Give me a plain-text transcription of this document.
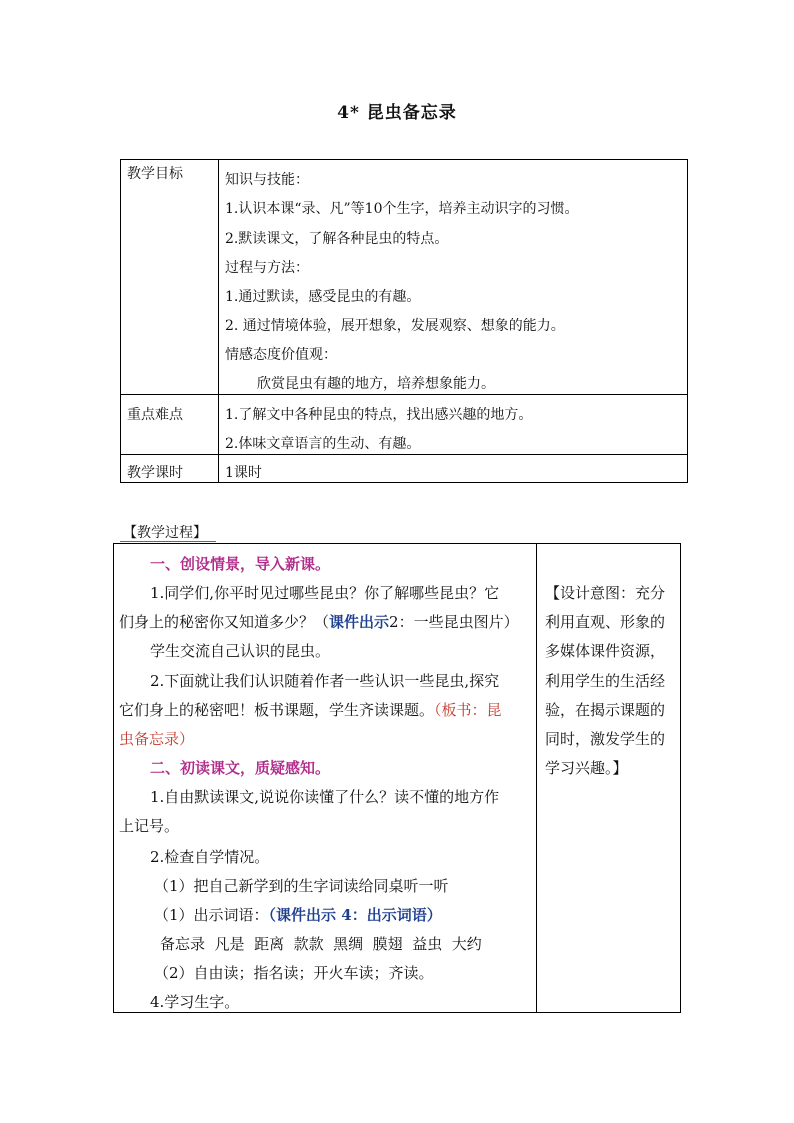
4* 昆虫备忘录
教学目标	知识与技能：
1.认识本课“录、凡”等10个生字，培养主动识字的习惯。
2.默读课文，了解各种昆虫的特点。
过程与方法：
1.通过默读，感受昆虫的有趣。
2. 通过情境体验，展开想象，发展观察、想象的能力。
情感态度价值观：
欣赏昆虫有趣的地方，培养想象能力。
重点难点	1.了解文中各种昆虫的特点，找出感兴趣的地方。
2.体味文章语言的生动、有趣。
教学课时	1课时
【教学过程】
一、创设情景，导入新课。
1.同学们,你平时见过哪些昆虫？你了解哪些昆虫？它
们身上的秘密你又知道多少？（课件出示2：一些昆虫图片）
学生交流自己认识的昆虫。
2.下面就让我们认识随着作者一些认识一些昆虫,探究
它们身上的秘密吧！板书课题，学生齐读课题。（板书：昆
虫备忘录）
二、初读课文，质疑感知。
1.自由默读课文,说说你读懂了什么？读不懂的地方作
上记号。
2.检查自学情况。
（1）把自己新学到的生字词读给同桌听一听
（1）出示词语：（课件出示 4：出示词语）
备忘录  凡是  距离  款款  黑绸  膜翅  益虫  大约
（2）自由读；指名读；开火车读；齐读。
4.学习生字。
【设计意图：充分
利用直观、形象的
多媒体课件资源，
利用学生的生活经
验，在揭示课题的
同时，激发学生的
学习兴趣。】
